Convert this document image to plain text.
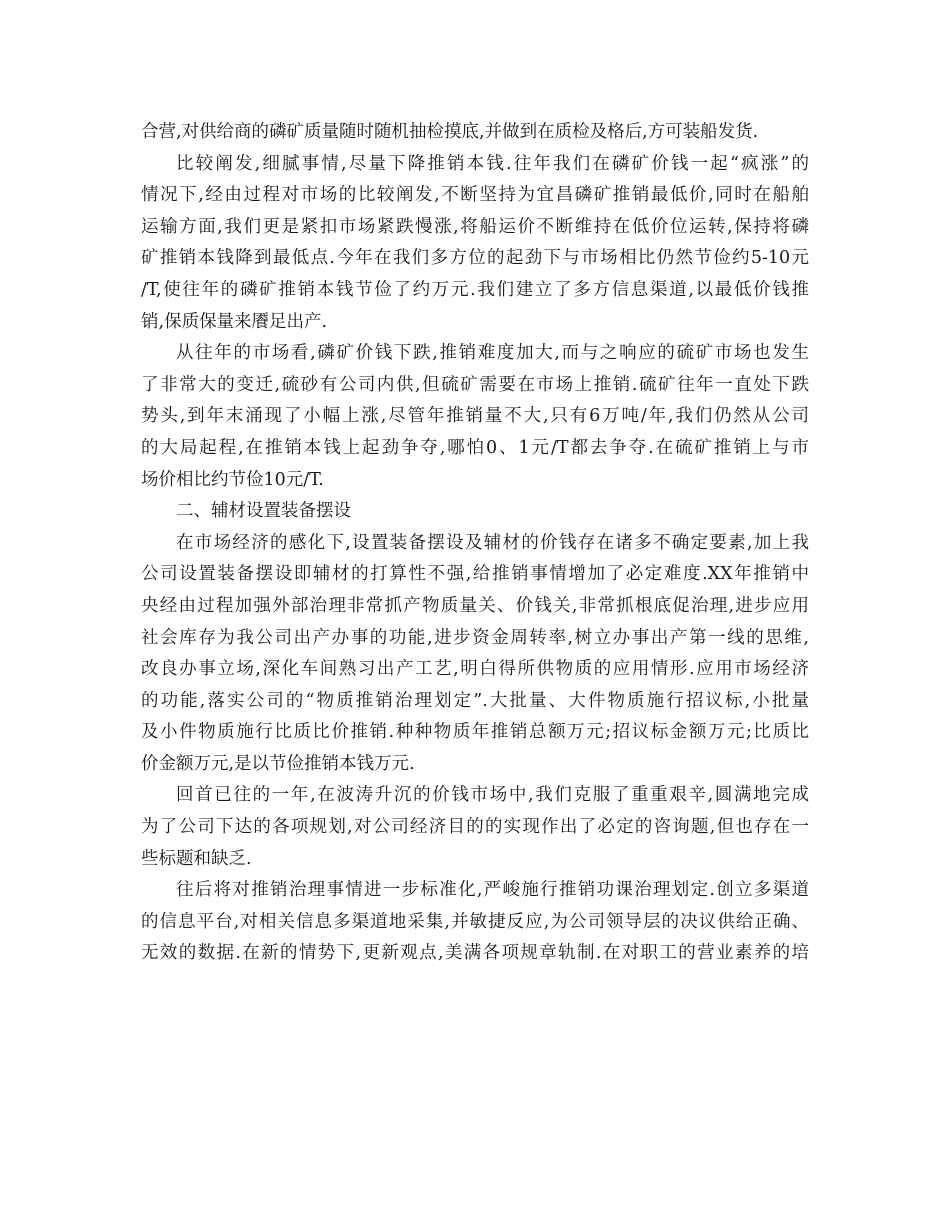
合营,对供给商的磷矿质量随时随机抽检摸底,并做到在质检及格后,方可装船发货.
比较阐发,细腻事情,尽量下降推销本钱.往年我们在磷矿价钱一起“疯涨”的
情况下,经由过程对市场的比较阐发,不断坚持为宜昌磷矿推销最低价,同时在船舶
运输方面,我们更是紧扣市场紧跌慢涨,将船运价不断维持在低价位运转,保持将磷
矿推销本钱降到最低点.今年在我们多方位的起劲下与市场相比仍然节俭约5-10元
/T,使往年的磷矿推销本钱节俭了约万元.我们建立了多方信息渠道,以最低价钱推
销,保质保量来餍足出产.
从往年的市场看,磷矿价钱下跌,推销难度加大,而与之响应的硫矿市场也发生
了非常大的变迁,硫砂有公司内供,但硫矿需要在市场上推销.硫矿往年一直处下跌
势头,到年末涌现了小幅上涨,尽管年推销量不大,只有6万吨/年,我们仍然从公司
的大局起程,在推销本钱上起劲争夺,哪怕0、1元/T都去争夺.在硫矿推销上与市
场价相比约节俭10元/T.
二、辅材设置装备摆设
在市场经济的感化下,设置装备摆设及辅材的价钱存在诸多不确定要素,加上我
公司设置装备摆设即辅材的打算性不强,给推销事情增加了必定难度.XX年推销中
央经由过程加强外部治理非常抓产物质量关、价钱关,非常抓根底促治理,进步应用
社会库存为我公司出产办事的功能,进步资金周转率,树立办事出产第一线的思维,
改良办事立场,深化车间熟习出产工艺,明白得所供物质的应用情形.应用市场经济
的功能,落实公司的“物质推销治理划定”.大批量、大件物质施行招议标,小批量
及小件物质施行比质比价推销.种种物质年推销总额万元;招议标金额万元;比质比
价金额万元,是以节俭推销本钱万元.
回首已往的一年,在波涛升沉的价钱市场中,我们克服了重重艰辛,圆满地完成
为了公司下达的各项规划,对公司经济目的的实现作出了必定的咨询题,但也存在一
些标题和缺乏.
往后将对推销治理事情进一步标准化,严峻施行推销功课治理划定.创立多渠道
的信息平台,对相关信息多渠道地采集,并敏捷反应,为公司领导层的决议供给正确、
无效的数据.在新的情势下,更新观点,美满各项规章轨制.在对职工的营业素养的培
